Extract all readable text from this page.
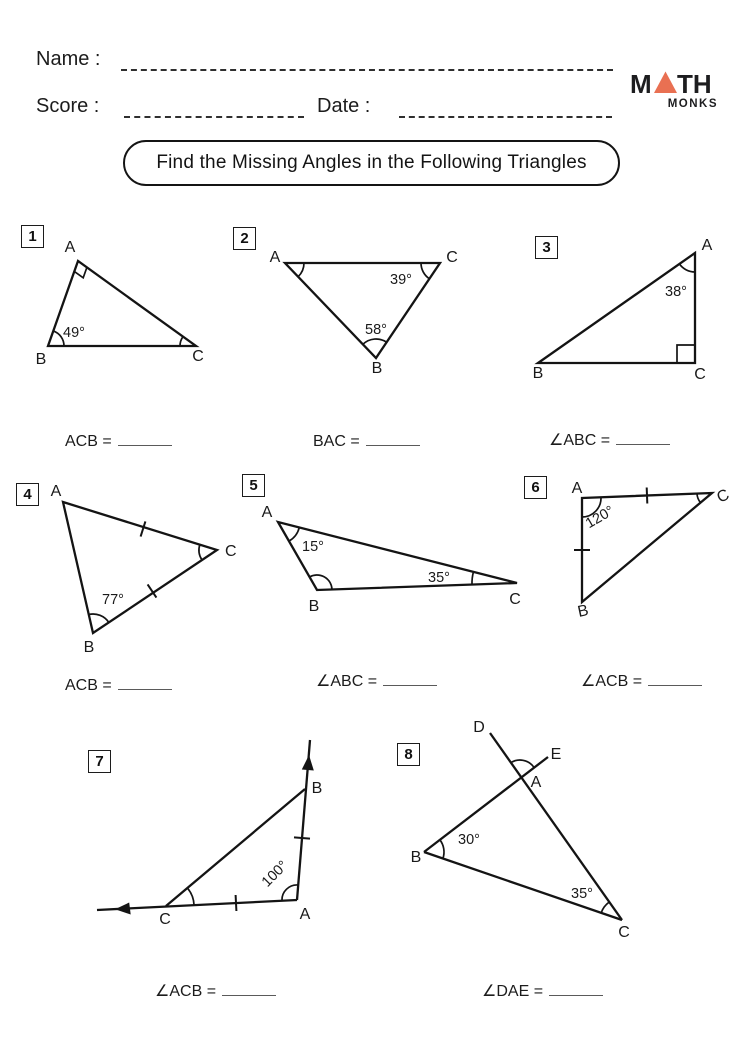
Name :
Score :	Date :
M TH
MONKS
Find the Missing Angles in the Following Triangles
1
A
B	C
49°
ACB =
2
A	C
B
39°
58°
BAC =
3	A
B	C
38°
∠ABC =
4	A
C
B
77°
ACB =
5
A
B	C
15°
35°
∠ABC =
6	A	C
B
120°
∠ACB =
7
B
A
C
100°
∠ACB =
8
D
E
A
B
C
30°
35°
∠DAE =
